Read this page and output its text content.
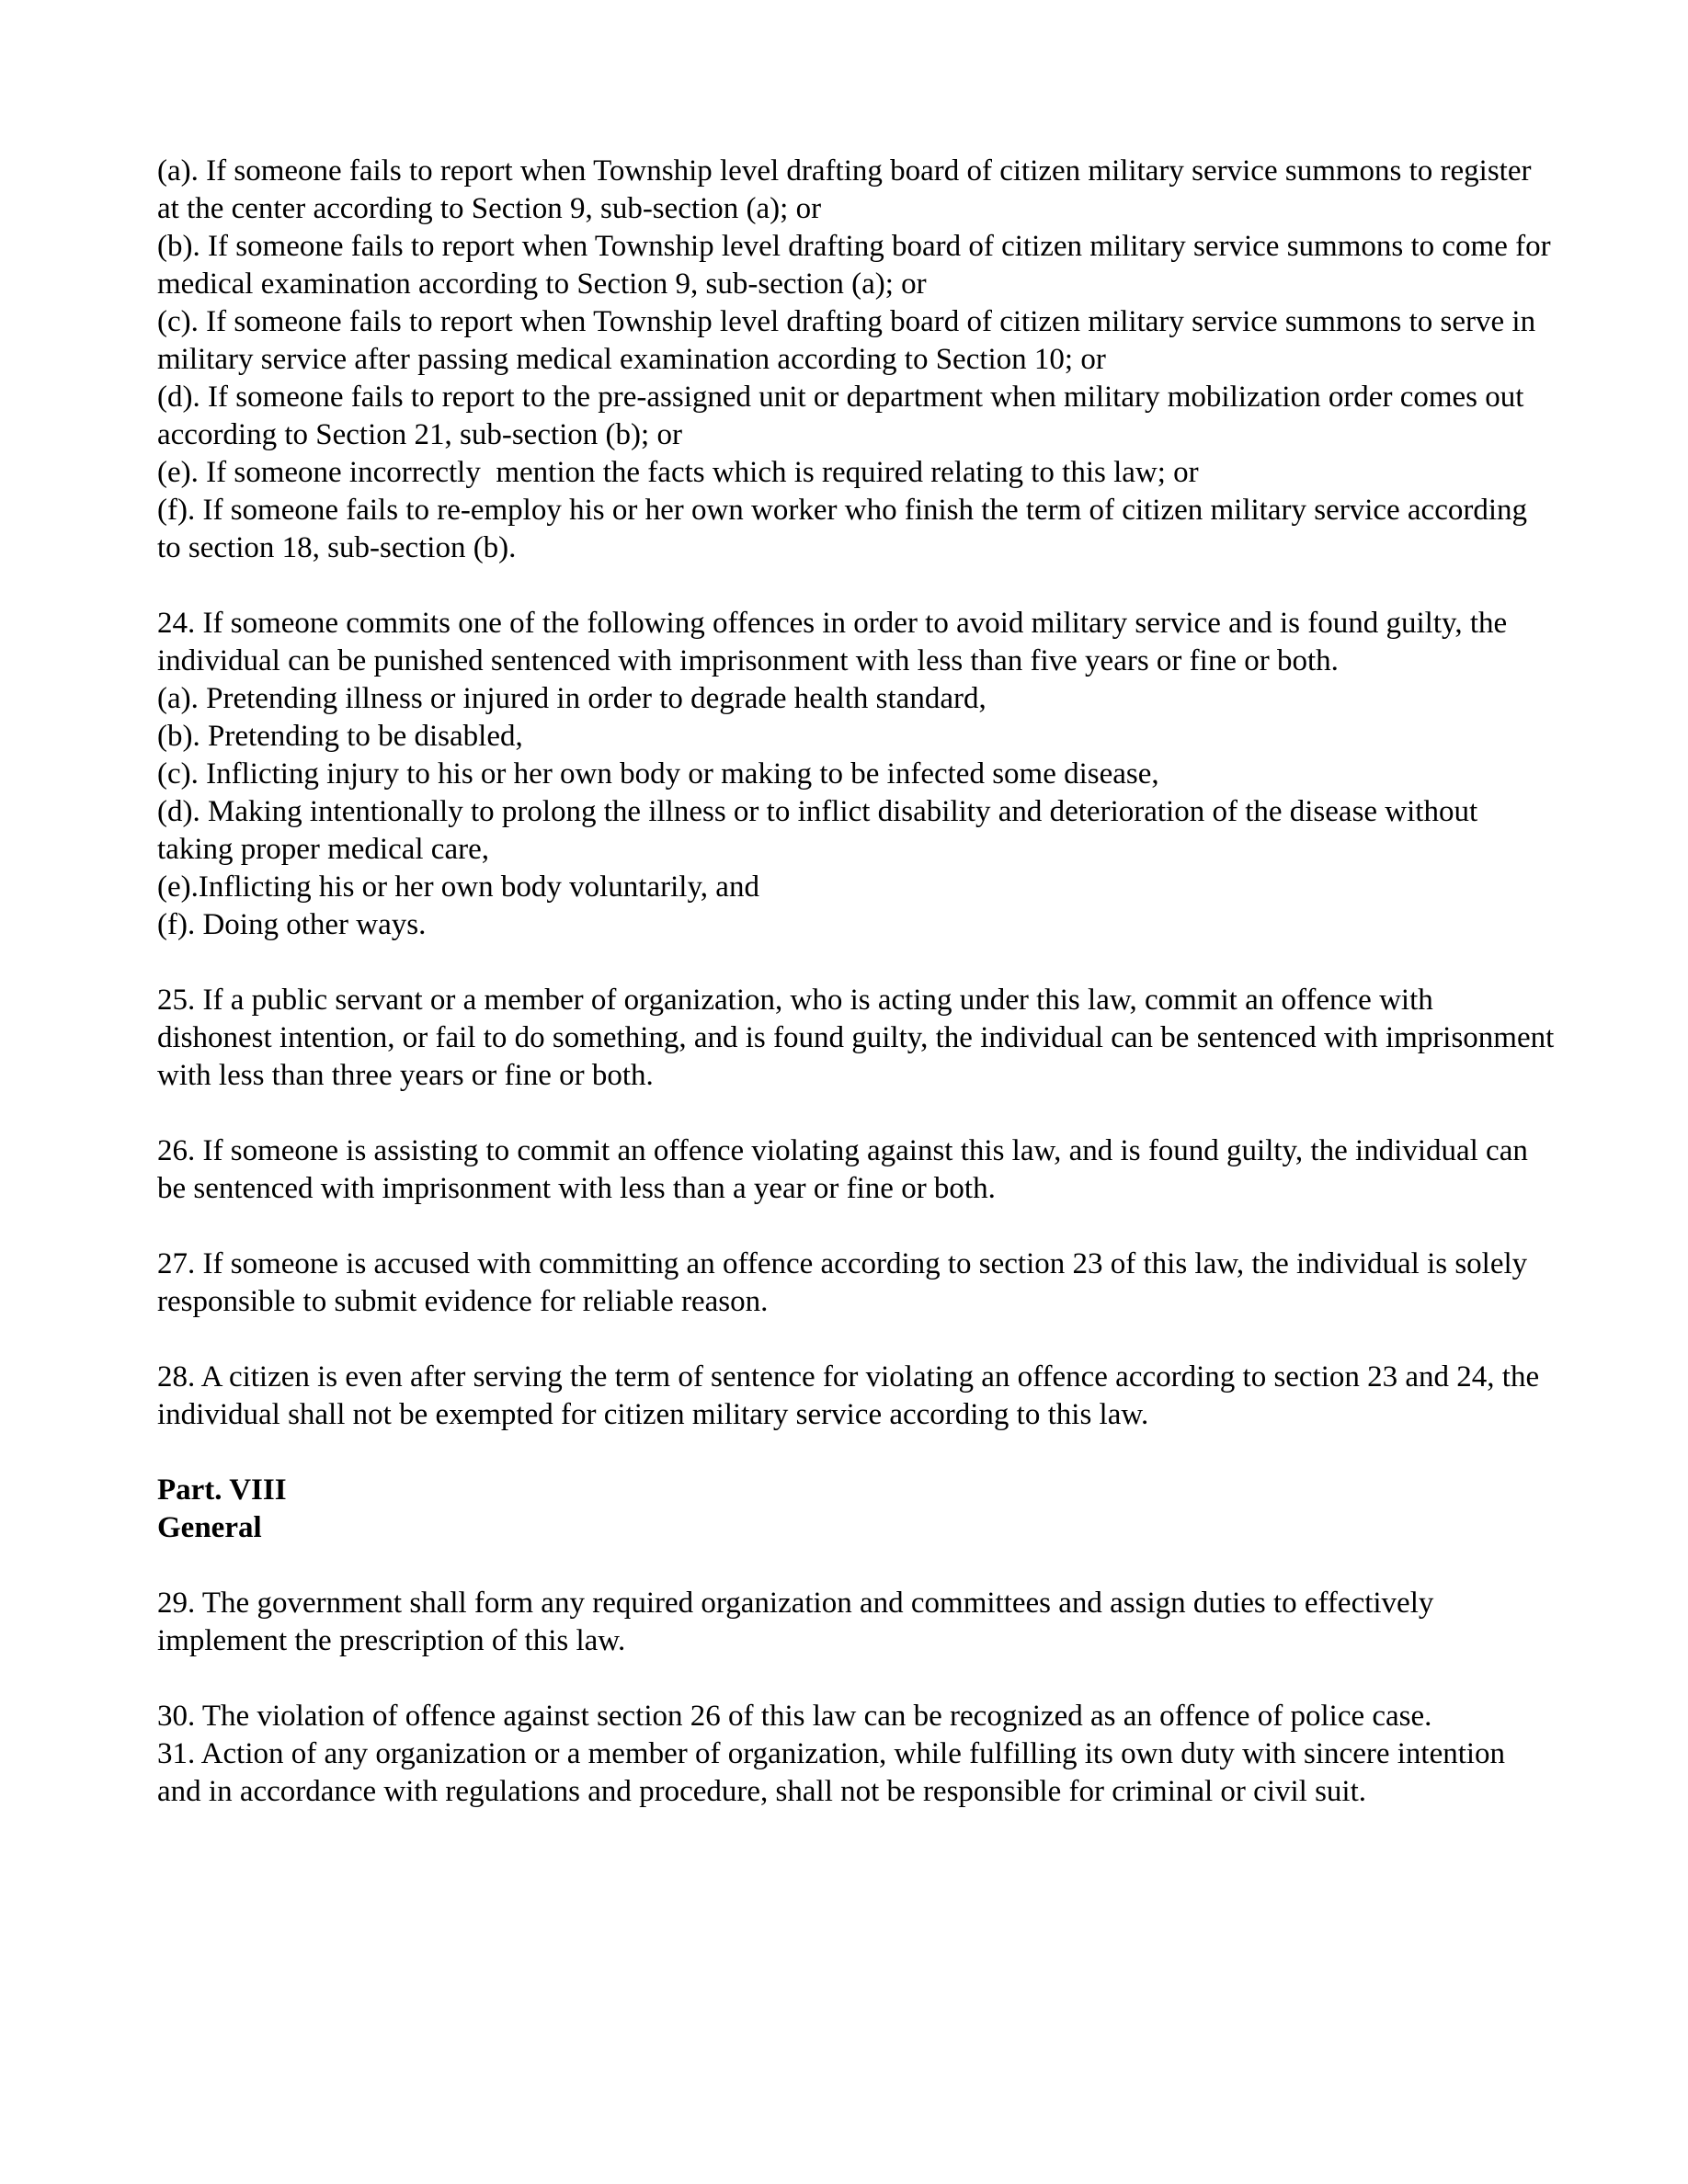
(a). If someone fails to report when Township level drafting board of citizen military service summons to register at the center according to Section 9, sub-section (a); or
(b). If someone fails to report when Township level drafting board of citizen military service summons to come for medical examination according to Section 9, sub-section (a); or
(c). If someone fails to report when Township level drafting board of citizen military service summons to serve in military service after passing medical examination according to Section 10; or
(d). If someone fails to report to the pre-assigned unit or department when military mobilization order comes out according to Section 21, sub-section (b); or
(e). If someone incorrectly  mention the facts which is required relating to this law; or
(f). If someone fails to re-employ his or her own worker who finish the term of citizen military service according to section 18, sub-section (b).
24. If someone commits one of the following offences in order to avoid military service and is found guilty, the individual can be punished sentenced with imprisonment with less than five years or fine or both.
(a). Pretending illness or injured in order to degrade health standard,
(b). Pretending to be disabled,
(c). Inflicting injury to his or her own body or making to be infected some disease,
(d). Making intentionally to prolong the illness or to inflict disability and deterioration of the disease without taking proper medical care,
(e).Inflicting his or her own body voluntarily, and
(f). Doing other ways.
25. If a public servant or a member of organization, who is acting under this law, commit an offence with dishonest intention, or fail to do something, and is found guilty, the individual can be sentenced with imprisonment with less than three years or fine or both.
26. If someone is assisting to commit an offence violating against this law, and is found guilty, the individual can be sentenced with imprisonment with less than a year or fine or both.
27. If someone is accused with committing an offence according to section 23 of this law, the individual is solely responsible to submit evidence for reliable reason.
28. A citizen is even after serving the term of sentence for violating an offence according to section 23 and 24, the individual shall not be exempted for citizen military service according to this law.
Part. VIII
General
29. The government shall form any required organization and committees and assign duties to effectively implement the prescription of this law.
30. The violation of offence against section 26 of this law can be recognized as an offence of police case.
31. Action of any organization or a member of organization, while fulfilling its own duty with sincere intention and in accordance with regulations and procedure, shall not be responsible for criminal or civil suit.
